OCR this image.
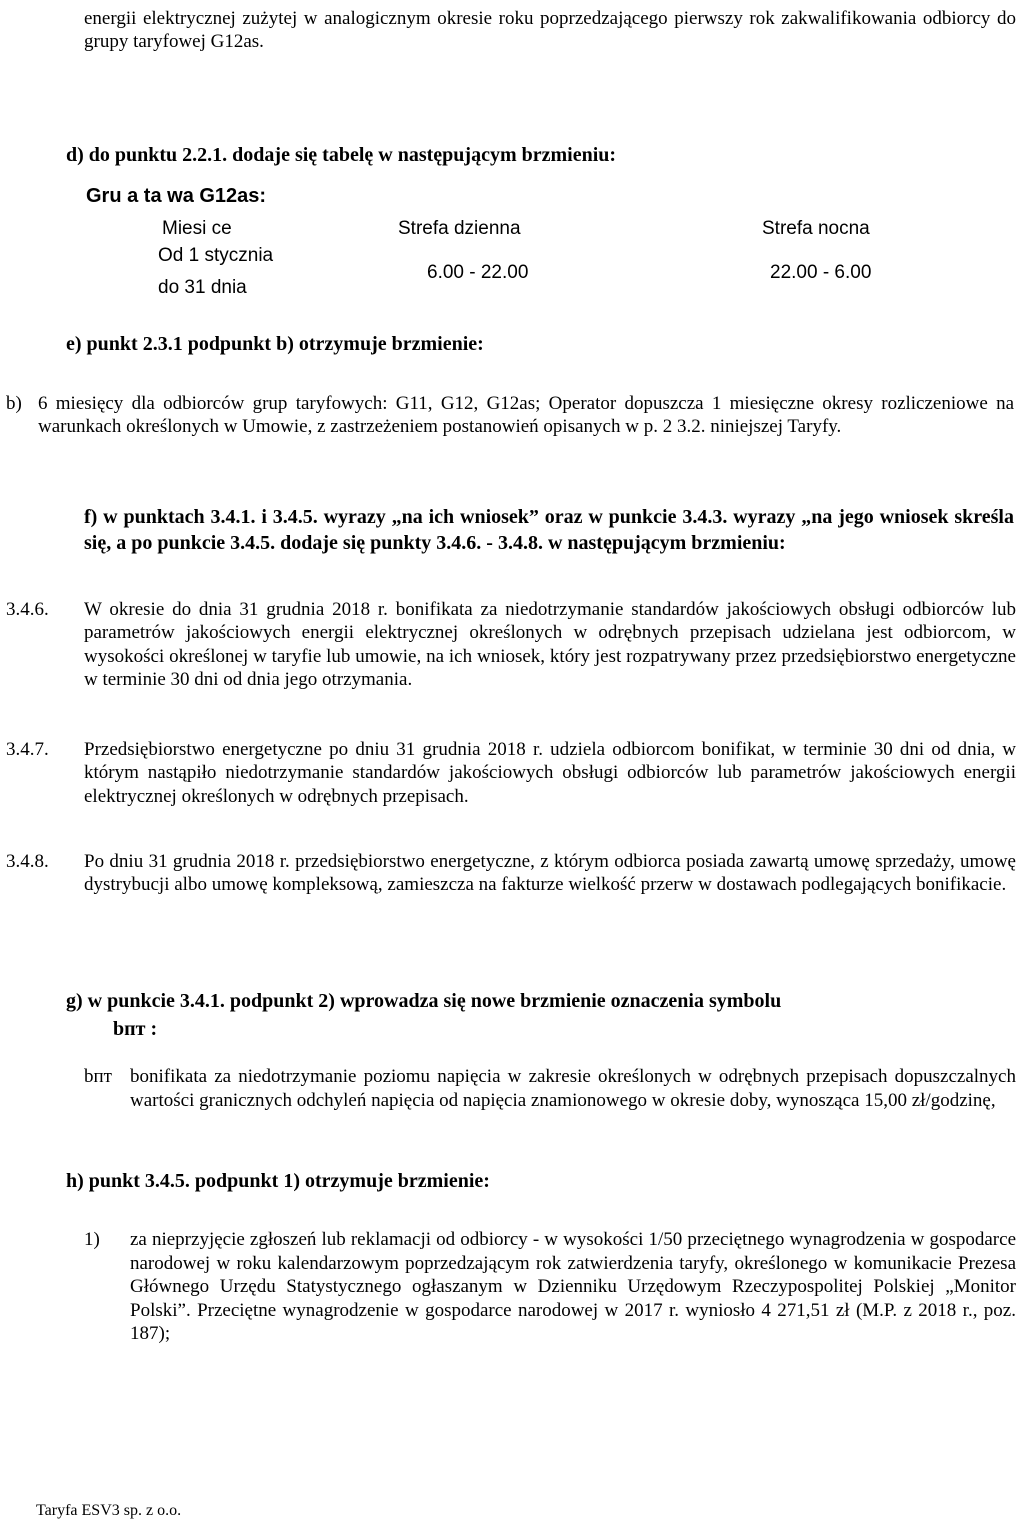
energii elektrycznej zużytej w analogicznym okresie roku poprzedzającego pierwszy rok zakwalifikowania odbiorcy do grupy taryfowej G12as.
d) do punktu 2.2.1. dodaje się tabelę w następującym brzmieniu:
Gru a ta wa G12as:
Miesi ce	Strefa dzienna	Strefa nocna
Od 1 stycznia
do 31 dnia
6.00 - 22.00	22.00 - 6.00
e) punkt 2.3.1 podpunkt b) otrzymuje brzmienie:
b) 6 miesięcy dla odbiorców grup taryfowych: G11, G12, G12as; Operator dopuszcza 1 miesięczne okresy rozliczeniowe na warunkach określonych w Umowie, z zastrzeżeniem postanowień opisanych w p. 2 3.2. niniejszej Taryfy.
f) w punktach 3.4.1. i 3.4.5. wyrazy „na ich wniosek” oraz w punkcie 3.4.3. wyrazy „na jego wniosek skreśla się, a po punkcie 3.4.5. dodaje się punkty 3.4.6. - 3.4.8. w następującym brzmieniu:
3.4.6. W okresie do dnia 31 grudnia 2018 r. bonifikata za niedotrzymanie standardów jakościowych obsługi odbiorców lub parametrów jakościowych energii elektrycznej określonych w odrębnych przepisach udzielana jest odbiorcom, w wysokości określonej w taryfie lub umowie, na ich wniosek, który jest rozpatrywany przez przedsiębiorstwo energetyczne w terminie 30 dni od dnia jego otrzymania.
3.4.7. Przedsiębiorstwo energetyczne po dniu 31 grudnia 2018 r. udziela odbiorcom bonifikat, w terminie 30 dni od dnia, w którym nastąpiło niedotrzymanie standardów jakościowych obsługi odbiorców lub parametrów jakościowych energii elektrycznej określonych w odrębnych przepisach.
3.4.8. Po dniu 31 grudnia 2018 r. przedsiębiorstwo energetyczne, z którym odbiorca posiada zawartą umowę sprzedaży, umowę dystrybucji albo umowę kompleksową, zamieszcza na fakturze wielkość przerw w dostawach podlegających bonifikacie.
g) w punkcie 3.4.1. podpunkt 2) wprowadza się nowe brzmienie oznaczenia symbolu
bпт :
bпт bonifikata za niedotrzymanie poziomu napięcia w zakresie określonych w odrębnych przepisach dopuszczalnych wartości granicznych odchyleń napięcia od napięcia znamionowego w okresie doby, wynosząca 15,00 zł/godzinę,
h) punkt 3.4.5. podpunkt 1) otrzymuje brzmienie:
1) za nieprzyjęcie zgłoszeń lub reklamacji od odbiorcy - w wysokości 1/50 przeciętnego wynagrodzenia w gospodarce narodowej w roku kalendarzowym poprzedzającym rok zatwierdzenia taryfy, określonego w komunikacie Prezesa Głównego Urzędu Statystycznego ogłaszanym w Dzienniku Urzędowym Rzeczypospolitej Polskiej „Monitor Polski”. Przeciętne wynagrodzenie w gospodarce narodowej w 2017 r. wyniosło 4 271,51 zł (M.P. z 2018 r., poz. 187);
Taryfa ESV3 sp. z o.o.
